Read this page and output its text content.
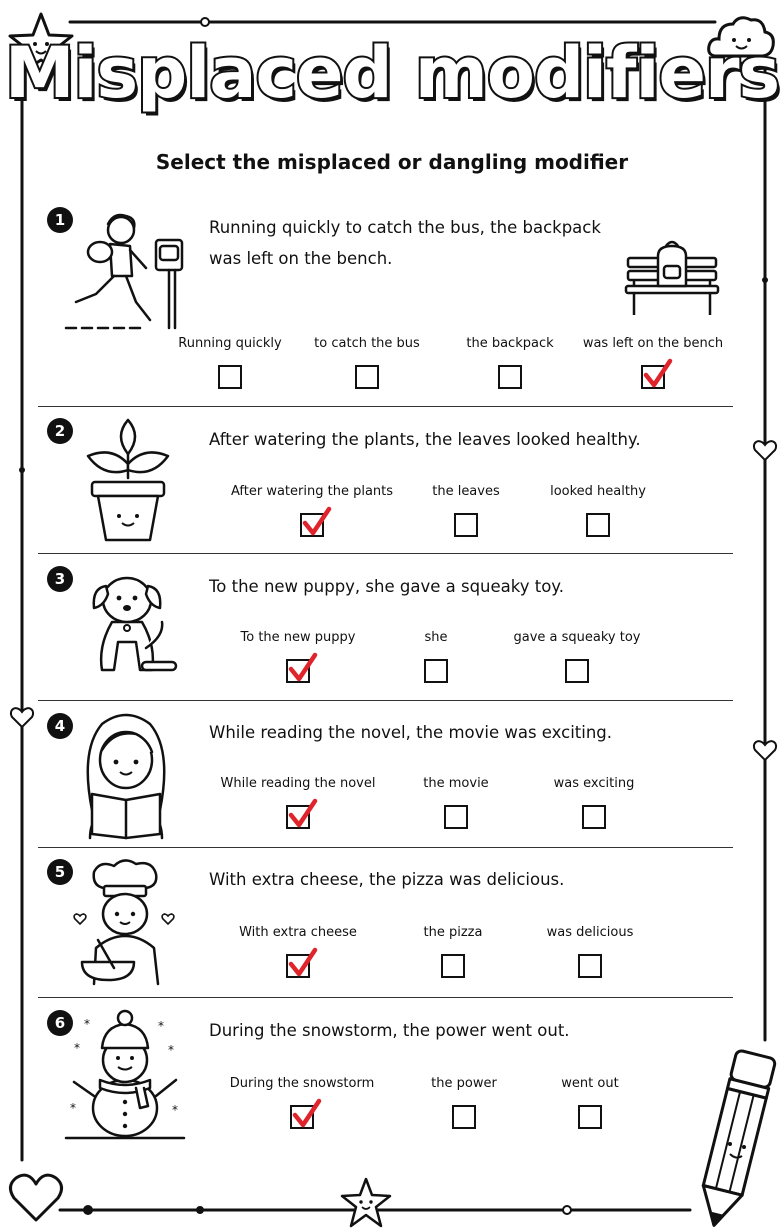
Misplaced modifiers
Select the misplaced or dangling modifier
1	Running quickly to catch the bus, the backpack
was left on the bench.
Running quickly	to catch the bus	the backpack	was left on the bench
2	After watering the plants, the leaves looked healthy.
After watering the plants	the leaves	looked healthy
3	To the new puppy, she gave a squeaky toy.
To the new puppy	she	gave a squeaky toy
4	While reading the novel, the movie was exciting.
While reading the novel	the movie	was exciting
5	With extra cheese, the pizza was delicious.
With extra cheese	the pizza	was delicious
6	*	*
*	*
*	*
During the snowstorm, the power went out.
During the snowstorm	the power	went out
